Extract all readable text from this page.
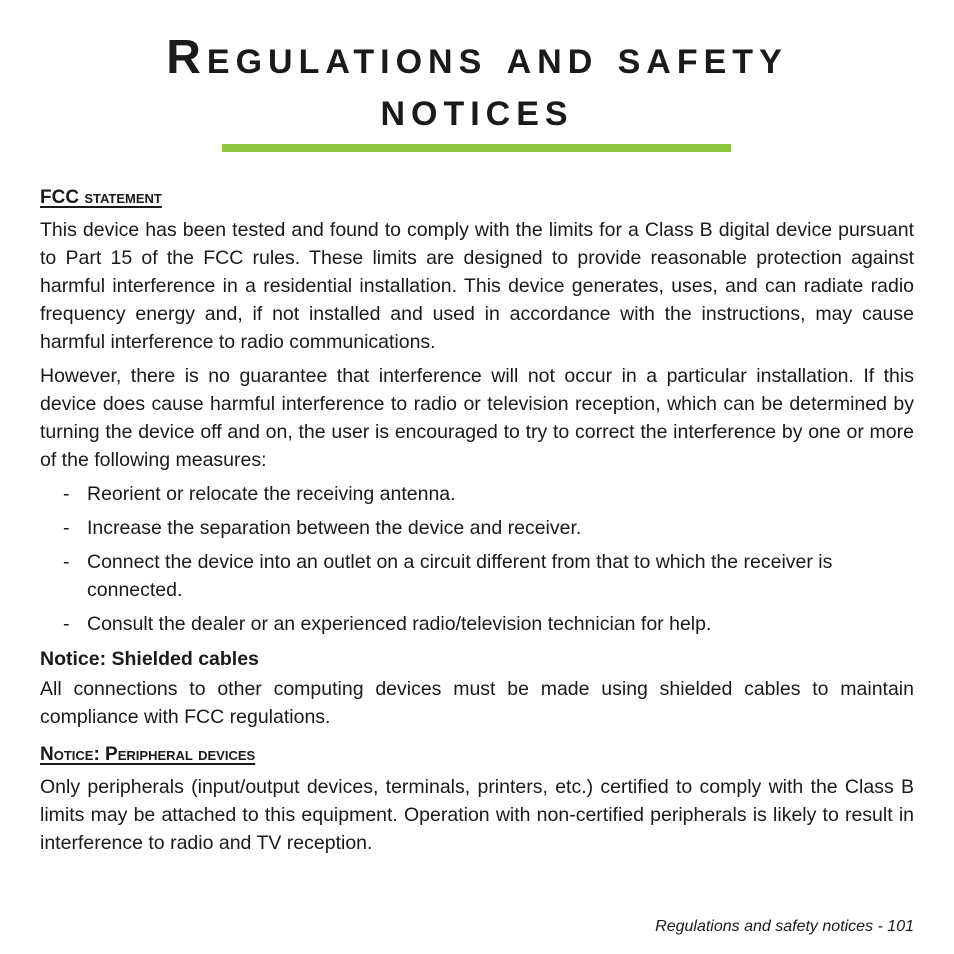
Regulations and safety
notices
FCC statement

This device has been tested and found to comply with the limits for a Class B digital device pursuant to Part 15 of the FCC rules. These limits are designed to provide reasonable protection against harmful interference in a residential installation. This device generates, uses, and can radiate radio frequency energy and, if not installed and used in accordance with the instructions, may cause harmful interference to radio communications.

However, there is no guarantee that interference will not occur in a particular installation. If this device does cause harmful interference to radio or television reception, which can be determined by turning the device off and on, the user is encouraged to try to correct the interference by one or more of the following measures:

- Reorient or relocate the receiving antenna.
- Increase the separation between the device and receiver.
- Connect the device into an outlet on a circuit different from that to which the receiver is connected.
- Consult the dealer or an experienced radio/television technician for help.
Notice: Shielded cables

All connections to other computing devices must be made using shielded cables to maintain compliance with FCC regulations.

Notice: Peripheral devices

Only peripherals (input/output devices, terminals, printers, etc.) certified to comply with the Class B limits may be attached to this equipment. Operation with non-certified peripherals is likely to result in interference to radio and TV reception.

Regulations and safety notices - 101
